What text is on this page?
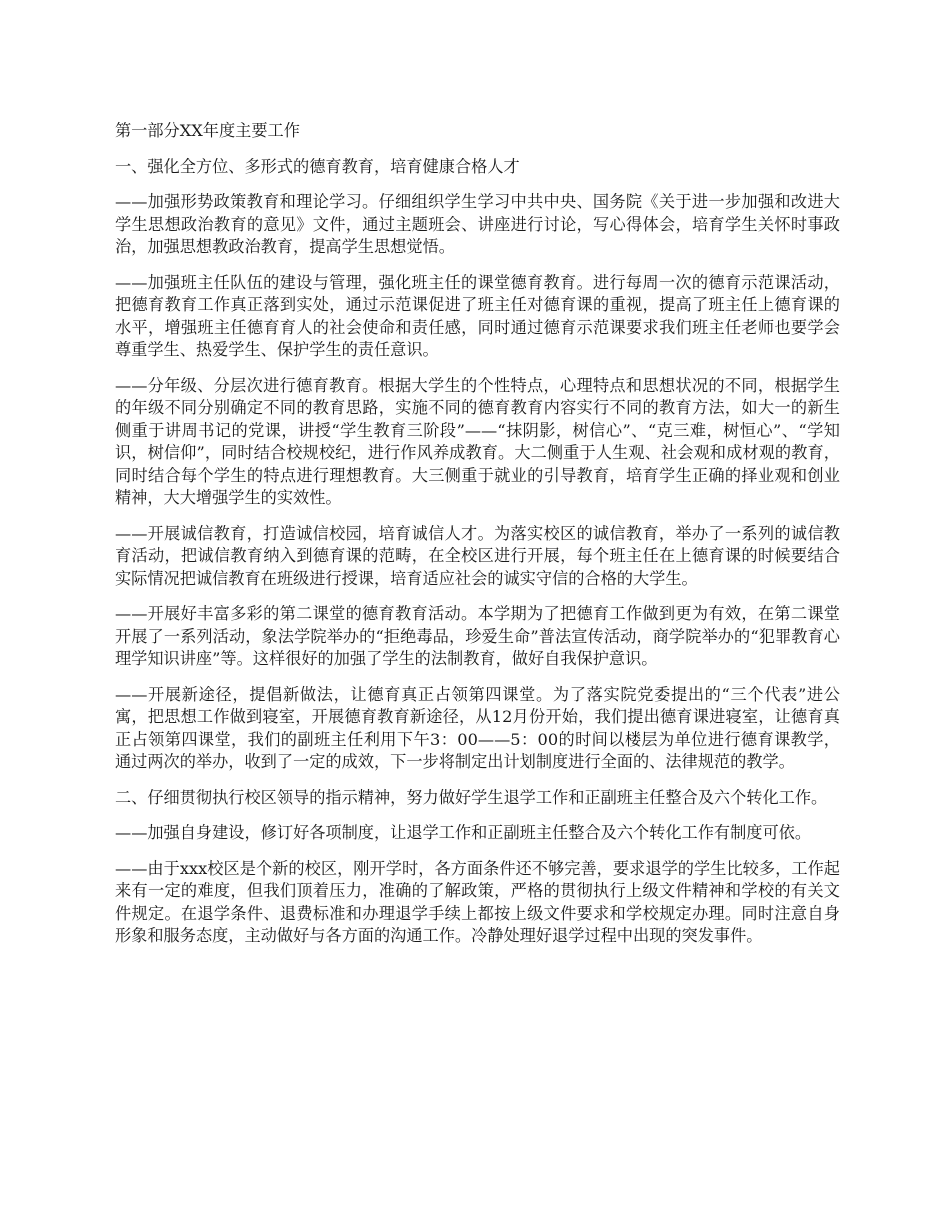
第一部分XX年度主要工作

一、强化全方位、多形式的德育教育，培育健康合格人才

——加强形势政策教育和理论学习。仔细组织学生学习中共中央、国务院《关于进一步加强和改进大学生思想政治教育的意见》文件，通过主题班会、讲座进行讨论，写心得体会，培育学生关怀时事政治，加强思想教政治教育，提高学生思想觉悟。

——加强班主任队伍的建设与管理，强化班主任的课堂德育教育。进行每周一次的德育示范课活动，把德育教育工作真正落到实处，通过示范课促进了班主任对德育课的重视，提高了班主任上德育课的水平，增强班主任德育育人的社会使命和责任感，同时通过德育示范课要求我们班主任老师也要学会尊重学生、热爱学生、保护学生的责任意识。

——分年级、分层次进行德育教育。根据大学生的个性特点，心理特点和思想状况的不同，根据学生的年级不同分别确定不同的教育思路，实施不同的德育教育内容实行不同的教育方法，如大一的新生侧重于讲周书记的党课，讲授“学生教育三阶段”——“抹阴影，树信心”、“克三难，树恒心”、“学知识，树信仰”，同时结合校规校纪，进行作风养成教育。大二侧重于人生观、社会观和成材观的教育，同时结合每个学生的特点进行理想教育。大三侧重于就业的引导教育，培育学生正确的择业观和创业精神，大大增强学生的实效性。

——开展诚信教育，打造诚信校园，培育诚信人才。为落实校区的诚信教育，举办了一系列的诚信教育活动，把诚信教育纳入到德育课的范畴，在全校区进行开展，每个班主任在上德育课的时候要结合实际情况把诚信教育在班级进行授课，培育适应社会的诚实守信的合格的大学生。

——开展好丰富多彩的第二课堂的德育教育活动。本学期为了把德育工作做到更为有效，在第二课堂开展了一系列活动，象法学院举办的“拒绝毒品，珍爱生命”普法宣传活动，商学院举办的“犯罪教育心理学知识讲座”等。这样很好的加强了学生的法制教育，做好自我保护意识。

——开展新途径，提倡新做法，让德育真正占领第四课堂。为了落实院党委提出的“三个代表”进公寓，把思想工作做到寝室，开展德育教育新途径，从12月份开始，我们提出德育课进寝室，让德育真正占领第四课堂，我们的副班主任利用下午3：00——5：00的时间以楼层为单位进行德育课教学，通过两次的举办，收到了一定的成效，下一步将制定出计划制度进行全面的、法律规范的教学。

二、仔细贯彻执行校区领导的指示精神，努力做好学生退学工作和正副班主任整合及六个转化工作。

——加强自身建设，修订好各项制度，让退学工作和正副班主任整合及六个转化工作有制度可依。

——由于xxx校区是个新的校区，刚开学时，各方面条件还不够完善，要求退学的学生比较多，工作起来有一定的难度，但我们顶着压力，准确的了解政策，严格的贯彻执行上级文件精神和学校的有关文件规定。在退学条件、退费标准和办理退学手续上都按上级文件要求和学校规定办理。同时注意自身形象和服务态度，主动做好与各方面的沟通工作。冷静处理好退学过程中出现的突发事件。
